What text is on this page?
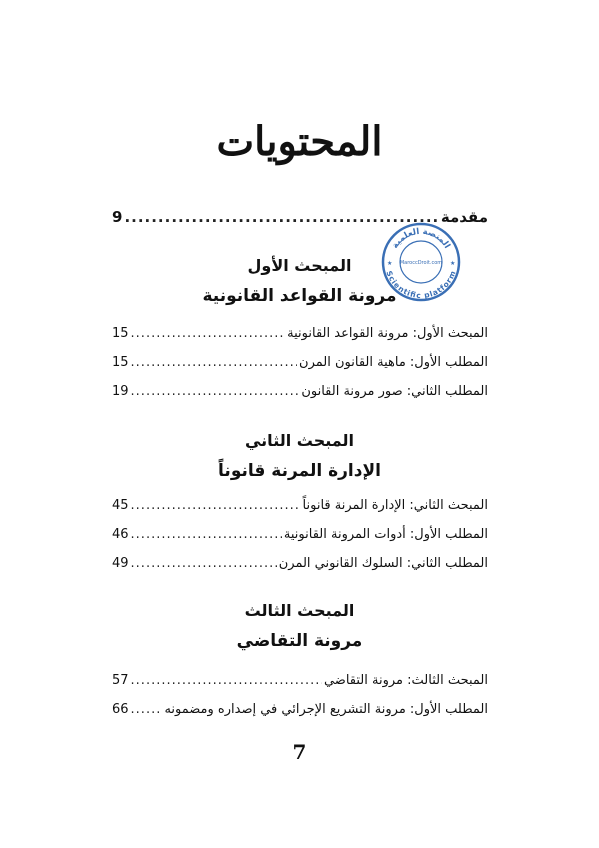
المحتويات
9 .....	مقدمة
المبحث الأول
مرونة القواعد القانونية
15 .....	المبحث الأول: مرونة القواعد القانونية
15 .....	المطلب الأول: ماهية القانون المرن
19 .....	المطلب الثاني: صور مرونة القانون
المبحث الثاني
الإدارة المرنة قانوناً
45 .....	المبحث الثاني: الإدارة المرنة قانوناً
46 .....	المطلب الأول: أدوات المرونة القانونية
49 .....	المطلب الثاني: السلوك القانوني المرن
المبحث الثالث
مرونة التقاضي
57 .....	المبحث الثالث: مرونة التقاضي
66 .....	المطلب الأول: مرونة التشريع الإجرائي في إصداره ومضمونه
المنصة العلمية
Scientific platform
MaroccDroit.com
★	★
7
